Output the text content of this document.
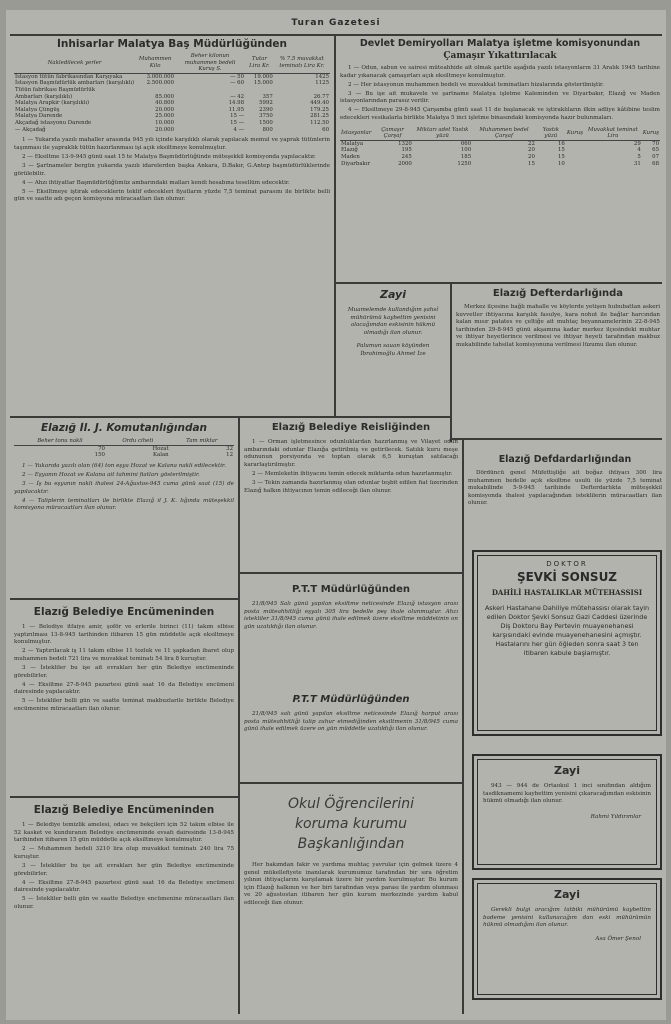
Turan Gazetesi
İnhisarlar Malatya Baş Müdürlüğünden
Nakledilecek yerler	Muhammen Kilo	Beher kilonun muhammen bedeli Kuruş S.	Tutar Lira Kr.	% 7.5 muvakkat teminatı Lira Kr.
İstasyon tütün fabrikasından Karşıyaka	3.000.000	— 50	19.000	1425
İstasyon Başmüdürlük ambarları (karşılıklı)	2.500.000	— 60	15.000	1125
Tütün fabrikası Başmüdürlük				
Ambarları (karşılıklı)	85.000	— 42	357	26.77
Malatya Arapkir (karşılıklı)	40.800	14.98	5992	449.40
Malatya Çüngüş	20.000	11.95	2390	179.25
Malatya Darende	25.000	15 —	3750	281.25
Akçadağ istasyonu Darende	10.000	15 —	1500	112.50
— Akçadağ	20.000	4 —	800	60

1 — Yukarıda yazılı mahaller arasında 945 yılı içinde karşılıklı olarak yapılacak memul ve yaprak tütünlerin taşınması ile yapraklık tütün hazırlanması işi açık eksiltmeye konulmuştur.

2 — Eksiltme 13-9-945 günü saat 15 te Malatya Başmüdürlüğünde müteşekkil komisyonda yapılacaktır.

3 — Şartnameler bergün yukarıda yazılı idarelerden başka Ankara, D.Bakır, G.Antep başmüdürlüklerinde görülebilir.

4 — Ahzı ihtiyatlar Başmüdürlüğümüz ambarındaki malları kendi hesabına tesellüm edecektir.

5 — Eksiltmeye iştirak edeceklerin teklif edecekleri fiyatların yüzde 7,5 teminat parasını ile birlikte belli gün ve saatte adı geçen komisyona müracaatları ilan olunur.

Devlet Demiryolları Malatya işletme komisyonundan
Çamaşır Yıkattırılacak

1 — Odun, sabun ve sairesi müteahhide ait olmak şartile aşağıda yazılı istasyonların 31 Aralık 1945 tarihine kadar yıkanacak çamaşırları açık eksiltmeye konulmuştur.

2 — Her istasyonun muhammen bedeli ve muvakkat teminatları hizalarında gösterilmiştir.

3 — Bu işe ait mukavele ve şartname Malatya işletme Kaleminden ve Diyarbakır, Elazığ ve Maden istasyonlarından parasız verilir.

4 — Eksiltmeye 29-8-945 Çarşamba günü saat 11 de başlanacak ve iştiraklıların ilkin adliye kâtibine teslim edecekleri vesikalarla birlikte Malatya 5 inci işletme binasındaki komisyonda hazır bulunmaları.

İstasyonlar	Çamaşır Çarşaf	Miktarı adet Yastık yüzü	Muhammen bedel Çarşaf	Yastık yüzü	Kuruş	Muvakkat teminat Lira	Kuruş
Malatya	1320	660	22	16		29	70
Elazığ	195	100	20	15		4	65
Maden	245	185	20	15		5	07
Diyarbakır	2000	1250	15	10		31	68
Zayi
Muamelemde kullandığım şahsî mühürümü kaybettim yenisini alacağımdan eskisinin hükmü olmadığı ilan olunur.
Palumun sauan köyünden İbrahimoğlu Ahmet İze
Elazığ Defterdarlığında
Merkez ilçesine bağlı mahalle ve köylerde yetişen hububattan askeri kuvvetler ihtiyacına karşılık fasulye, kara nohut ile bağlar harcından kalan mısır patates ve çeltiğe ait muhtaç beyannamelerinin 22-8-945 tarihinden 29-8-945 günü akşamına kadar merkez ilçesindeki muhtar ve ihtiyar heyetlerince verilmesi ve ihtiyar heyeti tarafından makbuz mukabilinde tahsilat komisyonuna verilmesi lüzumu ilan olunur.
Elazığ İl. J. Komutanlığından
Beher tonu nakli	Ordu ciheti	Tam miktar
70	Hozat	32
150	Kalan	12

1 — Yukarıda yazılı olan (64) ton eşya Hozat ve Kalana nakli edilecektir.

2 — Eşyanın Hozat ve Kalana ait tahmini fiatları gösterilmiştir.

3 — İş bu eşyanın nakli ihalesi 24-Ağustos-945 cuma günü saat (15) de yapılacaktır.

4 — Taliplerin teminatları ile birlikte Elazığ il J. K. lığında müteşekkil komisyona müracaatları ilan olunur.

Elazığ Belediye Reisliğinden

1 — Orman işletmesince odunluklardan hazırlanmış ve Vilayet odun ambarındaki odunlar Elazığa getirilmiş ve getirilecek. Satılık kuru meşe odununun porsiyonda ve toptan olarak 6,5 kuruştan satılacağı kararlaştırılmıştır.

2 — Memleketin ihtiyacını temin edecek miktarda odun hazırlanmıştır.

3 — Tekin zamanda hazırlanmış olan odunlar teşbit edilen fiat üzerinden Elazığ halkın ihtiyacının temin edileceği ilan olunur.

Elazığ Defdardarlığından
Dördüncü genel Müfettişliğe ait boğaz ihtiyacı 300 lira muhammen bedelle açık eksiltme usulü ile yüzde 7,5 teminat mukabilinde 5-9-945 tarihinde Defterdarlıkta müteşekkil komisyonda ihalesi yapılacağından isteklilerin müracaatları ilan olunur.
Elazığ Belediye Encümeninden

1 — Belediye itfaiye amir, şoför ve erlerile birinci (11) takım elbise yaptırılması 13-8-945 tarihinden itibaren 15 gün müddetle açık eksiltmeye konulmuştur.

2 — Yaptırılacak iş 11 takım elbise 11 tozluk ve 11 şapkadan ibaret olup muhammen bedeli 721 lira ve muvakkat teminatı 54 lira 8 kuruştur.

3 — İstekliler bu işe ait evrakları her gün Belediye encümeninde görebilirler.

4 — Eksiltme 27-8-945 pazartesi günü saat 16 da Belediye encümeni dairesinde yapılacaktır.

5 — İstekliler belli gün ve saatte teminat makbuzlarile birlikte Belediye encümenine müracaatları ilan olunur.

P.T.T Müdürlüğünden
21/8/945 Salı günü yapılan eksiltme neticesinde Elazığ istasyon arası posta müteahhitliği eşyalı 305 lira bedelle peş ihale olunmuştur. Ahzı istekliler 31/8/945 cuma günü ihale edilmek üzere eksiltme müddetinin on gün uzatıldığı ilan olunur.
P.T.T Müdürlüğünden
21/8/945 salı günü yapılan eksiltme neticesinde Elazığ harput arası posta müteahhitliği talip zuhur etmediğinden eksiltmenin 31/8/945 cuma günü ihale edilmek üzere on gün müddetle uzatıldığı ilan olunur.
Elazığ Belediye Encümeninden

1 — Belediye temizlik amelesi, odacı ve bekçileri için 52 takım elbise ile 52 kasket ve kunduranın Belediye encümeninde evsafı dairesinde 13-8-945 tarihinden itibaren 15 gün müddetle açık eksiltmeye konulmuştur.

2 — Muhammen bedeli 3210 lira olup muvakkat teminatı 240 lira 75 kuruştur.

3 — İstekliler bu işe ait evrakları her gün Belediye encümeninde görebilirler.

4 — Eksiltme 27-8-945 pazartesi günü saat 16 da Belediye encümeni dairesinde yapılacaktır.

5 — İstekliler belli gün ve saatte Belediye encümenine müracaatları ilan olunur.

Okul Öğrencilerini
koruma kurumu
Başkanlığından
Her bakımdan fakir ve yardıma muhtaç yavrular için gelmek üzere 4 genel mükellefiyete inanılarak kurumumuz tarafından bir sıra öğretim yılının ihtiyaçlarını karşılamak üzere bir yardım kurulmuştur. Bu kurum için Elazığ halkının ve her biri tarafından veya parası ile yardım olunması ve 20 ağustostan itibaren her gün kurum merkezinde yardım kabul edileceği ilan olunur.
DOKTOR
ŞEVKİ SONSUZ
DAHİLİ HASTALIKLAR MÜTEHASSISI
Askeri Hastahane Dahiliye mütehassısı olarak tayin edilen Doktor Şevki Sonsuz Gazi Caddesi üzerinde Diş Doktoru Bay Pertevin muayenehanesi karşısındaki evinde muayenehanesini açmıştır. Hastalarını her gün öğleden sonra saat 3 ten itibaren kabule başlamıştır.
Zayi
943 — 944 de Ortaokul 1 inci sınıfından aldığım tasdiknamemi kaybettim yenisini çıkaracağımdan eskisinin hükmü olmadığı ilan olunur.
Rahmi Yıldırımlar
Zayi
Gerekli bulgi aracığım tatbiki mühürümü kaybettim bademe yenisini kullanacağım dan eski mühürümün hükmü olmadığını ilan olunur.
Asa Ömer Şenol
